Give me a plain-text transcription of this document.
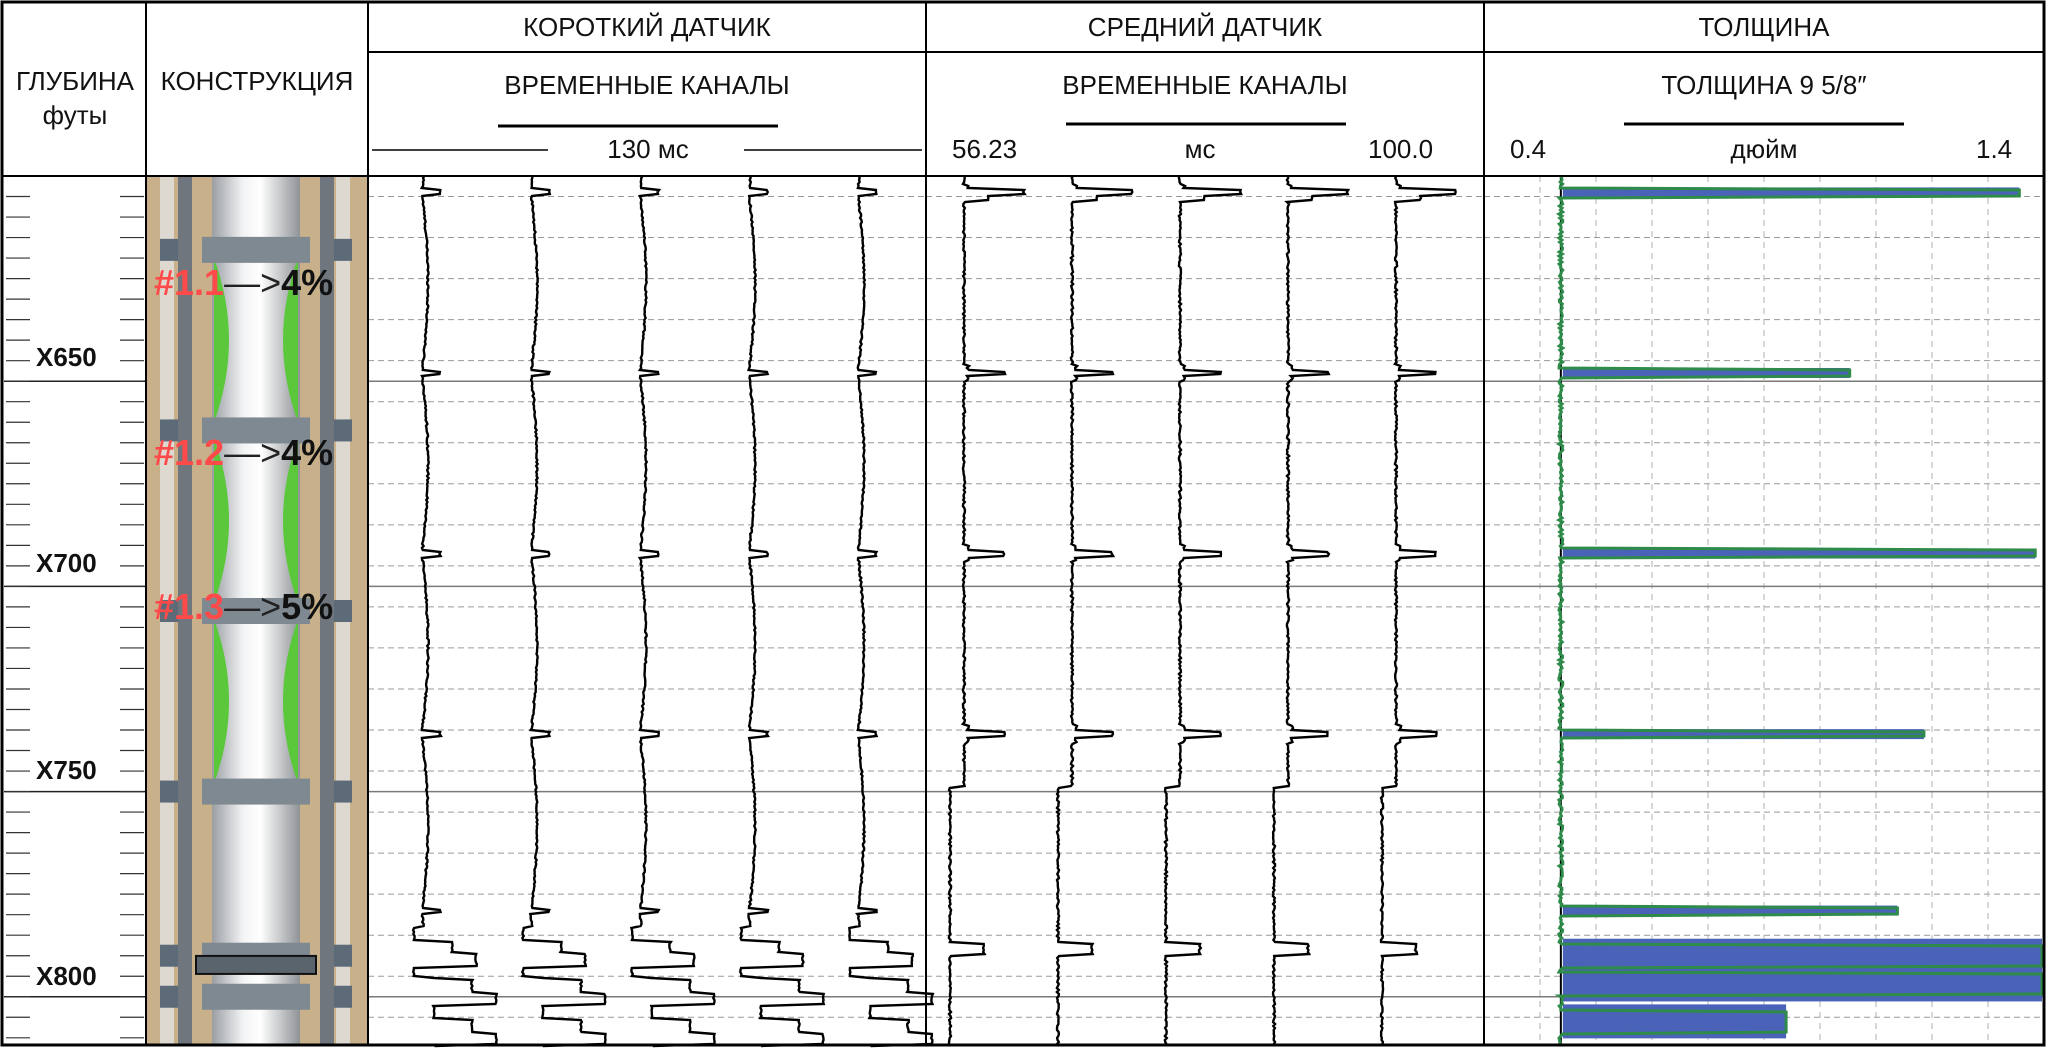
ГЛУБИНА
футы
КОНСТРУКЦИЯ
КОРОТКИЙ ДАТЧИК
ВРЕМЕННЫЕ КАНАЛЫ
130 мс
СРЕДНИЙ ДАТЧИК
ВРЕМЕННЫЕ КАНАЛЫ
56.23	мс	100.0
ТОЛЩИНА
ТОЛЩИНА 9 5/8″
0.4	дюйм	1.4
X650
X700
X750
X800
#1.1—>4%
#1.2—>4%
#1.3—>5%
